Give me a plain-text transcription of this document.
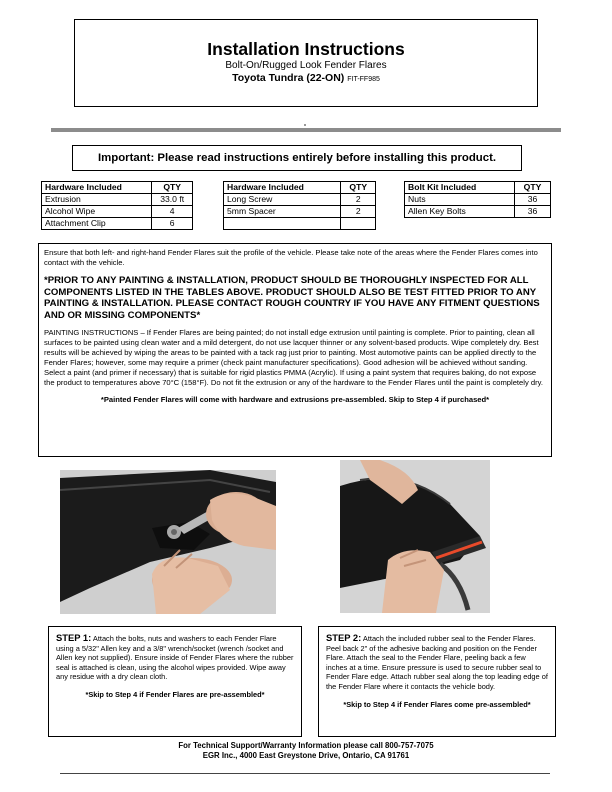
Installation Instructions
Bolt-On/Rugged Look Fender Flares
Toyota Tundra (22-ON) FIT-FF985
Important: Please read instructions entirely before installing this product.
Hardware Included	QTY
Extrusion	33.0 ft
Alcohol Wipe	4
Attachment Clip	6
Hardware Included	QTY
Long Screw	2
5mm Spacer	2

Bolt Kit Included	QTY
Nuts	36
Allen Key Bolts	36

Ensure that both left- and right-hand Fender Flares suit the profile of the vehicle. Please take note of the areas where the Fender Flares comes into contact with the vehicle.

*PRIOR TO ANY PAINTING & INSTALLATION, PRODUCT SHOULD BE THOROUGHLY INSPECTED FOR ALL COMPONENTS LISTED IN THE TABLES ABOVE. PRODUCT SHOULD ALSO BE TEST FITTED PRIOR TO ANY PAINTING & INSTALLATION. PLEASE CONTACT ROUGH COUNTRY IF YOU HAVE ANY FITMENT QUESTIONS AND OR MISSING COMPONENTS*

PAINTING INSTRUCTIONS – If Fender Flares are being painted; do not install edge extrusion until painting is complete. Prior to painting, clean all surfaces to be painted using clean water and a mild detergent, do not use lacquer thinner or any solvent-based products. Wipe completely dry. Best results will be achieved by wiping the areas to be painted with a tack rag just prior to painting. Most automotive paints can be applied directly to the Fender Flares; however, some may require a primer (check paint manufacturer specifications). Good adhesion will be achieved without sanding. Select a paint (and primer if necessary) that is suitable for rigid plastics PMMA (Acrylic). If using a paint system that requires baking, do not expose the product to temperatures above 70°C (158°F). Do not fit the extrusion or any of the hardware to the Fender Flares until the paint is completely dry.

*Painted Fender Flares will come with hardware and extrusions pre-assembled. Skip to Step 4 if purchased*

STEP 1: Attach the bolts, nuts and washers to each Fender Flare using a 5/32" Allen key and a 3/8" wrench/socket (wrench /socket and Allen key not supplied). Ensure inside of Fender Flares where the rubber seal is attached is clean, using the alcohol wipes provided. Wipe away any residue with a dry clean cloth.
*Skip to Step 4 if Fender Flares are pre-assembled*
STEP 2: Attach the included rubber seal to the Fender Flares. Peel back 2" of the adhesive backing and position on the Fender Flare. Attach the seal to the Fender Flare, peeling back a few inches at a time. Ensure pressure is used to secure rubber seal to Fender Flare edge. Attach rubber seal along the top leading edge of the Fender Flare where it contacts the vehicle body.
*Skip to Step 4 if Fender Flares come pre-assembled*
For Technical Support/Warranty Information please call 800-757-7075
EGR Inc., 4000 East Greystone Drive, Ontario, CA 91761
